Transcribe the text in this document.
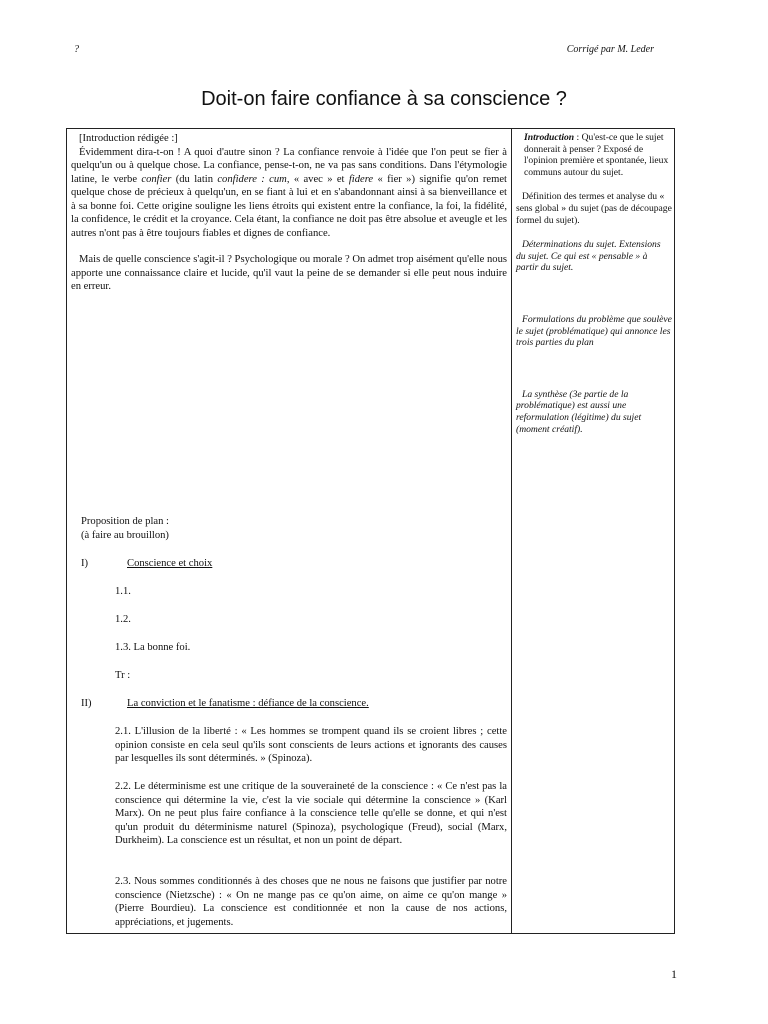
?	Corrigé par M. Leder
Doit-on faire confiance à sa conscience ?

[Introduction rédigée :]

Évidemment dira-t-on ! A quoi d'autre sinon ? La confiance renvoie à l'idée que l'on peut se fier à quelqu'un ou à quelque chose. La confiance, pense-t-on, ne va pas sans conditions. Dans l'étymologie latine, le verbe confier (du latin confidere : cum, « avec » et fidere « fier ») signifie qu'on remet quelque chose de précieux à quelqu'un, en se fiant à lui et en s'abandonnant ainsi à sa bienveillance et à sa bonne foi. Cette origine souligne les liens étroits qui existent entre la confiance, la foi, la fidélité, la confidence, le crédit et la croyance. Cela étant, la confiance ne doit pas être absolue et aveugle et les autres n'ont pas à être toujours fiables et dignes de confiance.

Mais de quelle conscience s'agit-il ? Psychologique ou morale ? On admet trop aisément qu'elle nous apporte une connaissance claire et lucide, qu'il vaut la peine de se demander si elle peut nous induire en erreur.

Proposition de plan :
(à faire au brouillon)
I)	Conscience et choix
1.1.
1.2.
1.3. La bonne foi.
Tr :
II)	La conviction et le fanatisme : défiance de la conscience.
2.1. L'illusion de la liberté : « Les hommes se trompent quand ils se croient libres ; cette opinion consiste en cela seul qu'ils sont conscients de leurs actions et ignorants des causes par lesquelles ils sont déterminés. » (Spinoza).
2.2. Le déterminisme est une critique de la souveraineté de la conscience : « Ce n'est pas la conscience qui détermine la vie, c'est la vie sociale qui détermine la conscience » (Karl Marx). On ne peut plus faire confiance à la conscience telle qu'elle se donne, et qui n'est qu'un produit du déterminisme naturel (Spinoza), psychologique (Freud), social (Marx, Durkheim). La conscience est un résultat, et non un point de départ.
2.3. Nous sommes conditionnés à des choses que ne nous ne faisons que justifier par notre conscience (Nietzsche) : « On ne mange pas ce qu'on aime, on aime ce qu'on mange » (Pierre Bourdieu). La conscience est conditionnée et non la cause de nos actions, appréciations, et jugements.

Introduction : Qu'est-ce que le sujet donnerait à penser ? Exposé de l'opinion première et spontanée, lieux communs autour du sujet.

Définition des termes et analyse du « sens global » du sujet (pas de découpage formel du sujet).

Déterminations du sujet. Extensions du sujet. Ce qui est « pensable » à partir du sujet.

Formulations du problème que soulève le sujet (problématique) qui annonce les trois parties du plan

La synthèse (3e partie de la problématique) est aussi une reformulation (légitime) du sujet (moment créatif).

1
